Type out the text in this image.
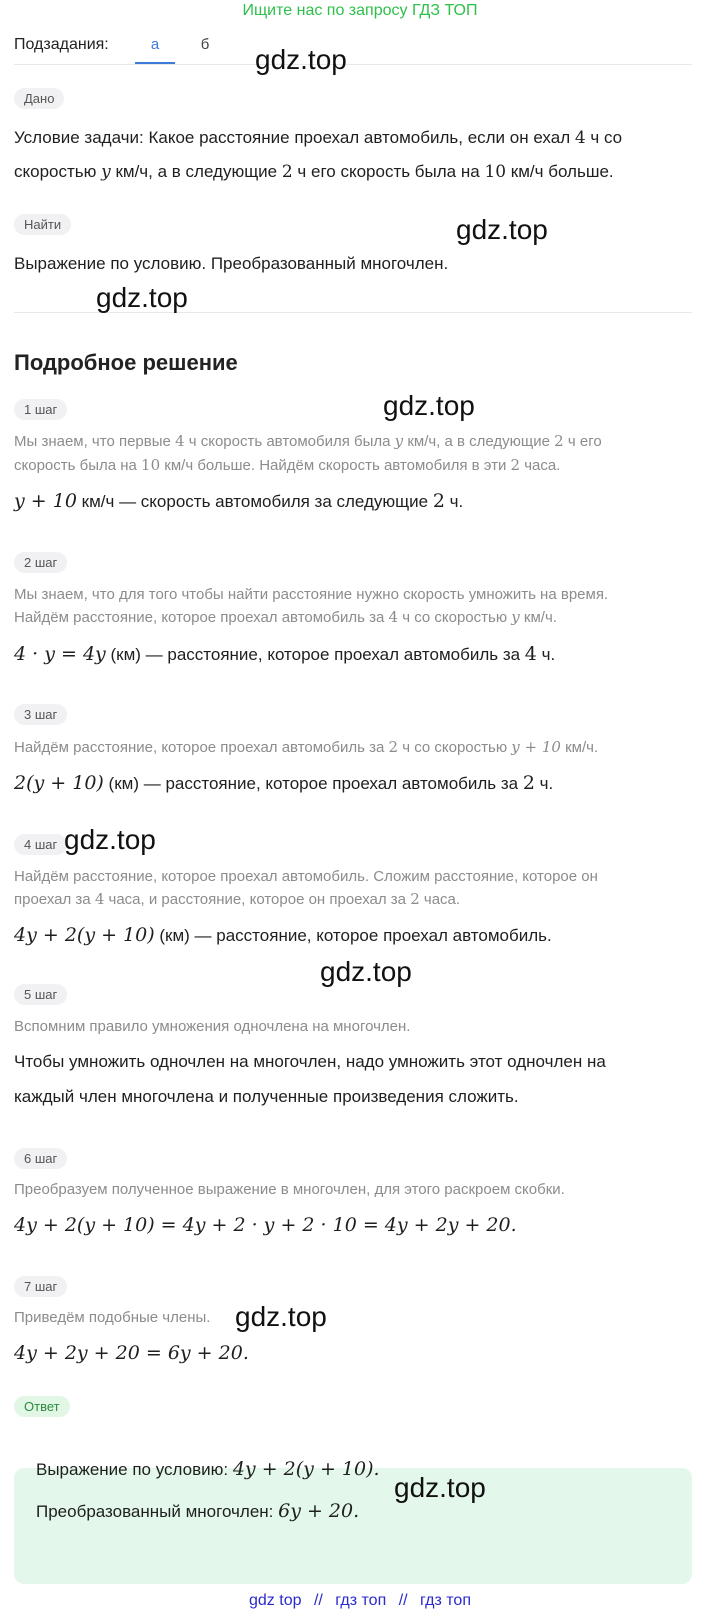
Ищите нас по запросу ГДЗ ТОП
Подзадания:	а	б
Дано
Условие задачи: Какое расстояние проехал автомобиль, если он ехал 4 ч со
скоростью y км/ч, а в следующие 2 ч его скорость была на 10 км/ч больше.
Найти
Выражение по условию. Преобразованный многочлен.
Подробное решение
1 шаг
Мы знаем, что первые 4 ч скорость автомобиля была y км/ч, а в следующие 2 ч его
скорость была на 10 км/ч больше. Найдём скорость автомобиля в эти 2 часа.
y + 10 км/ч — скорость автомобиля за следующие 2 ч.
2 шаг
Мы знаем, что для того чтобы найти расстояние нужно скорость умножить на время.
Найдём расстояние, которое проехал автомобиль за 4 ч со скоростью y км/ч.
4 · y = 4y (км) — расстояние, которое проехал автомобиль за 4 ч.
3 шаг
Найдём расстояние, которое проехал автомобиль за 2 ч со скоростью y + 10 км/ч.
2(y + 10) (км) — расстояние, которое проехал автомобиль за 2 ч.
4 шаг
Найдём расстояние, которое проехал автомобиль. Сложим расстояние, которое он
проехал за 4 часа, и расстояние, которое он проехал за 2 часа.
4y + 2(y + 10) (км) — расстояние, которое проехал автомобиль.
5 шаг
Вспомним правило умножения одночлена на многочлен.
Чтобы умножить одночлен на многочлен, надо умножить этот одночлен на
каждый член многочлена и полученные произведения сложить.
6 шаг
Преобразуем полученное выражение в многочлен, для этого раскроем скобки.
4y + 2(y + 10) = 4y + 2 · y + 2 · 10 = 4y + 2y + 20.
7 шаг
Приведём подобные члены.
4y + 2y + 20 = 6y + 20.
Ответ
Выражение по условию: 4y + 2(y + 10).
Преобразованный многочлен: 6y + 20.
gdz.top
gdz.top
gdz.top
gdz.top
gdz.top
gdz.top
gdz.top
gdz.top
gdz top // гдз топ // гдз топ
